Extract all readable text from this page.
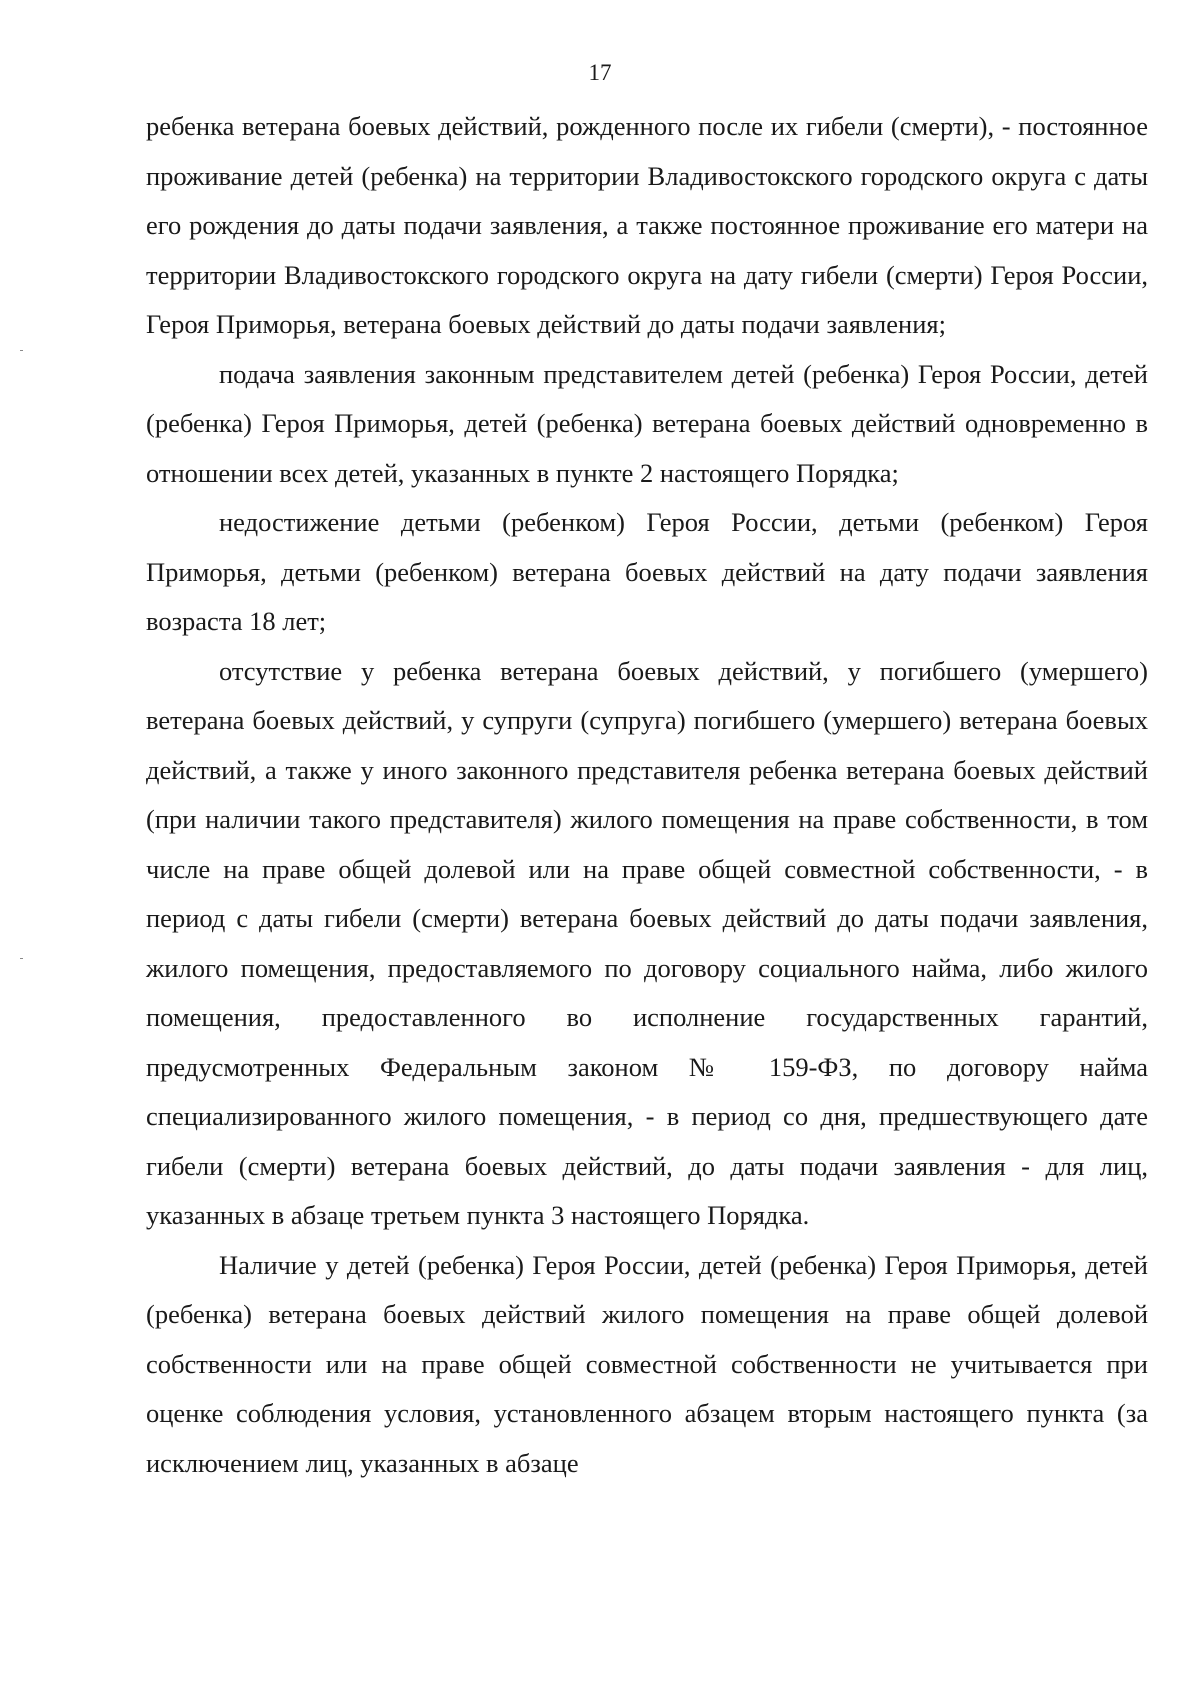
17

ребенка ветерана боевых действий, рожденного после их гибели (смерти), - постоянное проживание детей (ребенка) на территории Владивостокского городского округа с даты его рождения до даты подачи заявления, а также постоянное проживание его матери на территории Владивостокского городского округа на дату гибели (смерти) Героя России, Героя Приморья, ветерана боевых действий до даты подачи заявления;

подача заявления законным представителем детей (ребенка) Героя России, детей (ребенка) Героя Приморья, детей (ребенка) ветерана боевых действий одновременно в отношении всех детей, указанных в пункте 2 настоящего Порядка;

недостижение детьми (ребенком) Героя России, детьми (ребенком) Героя Приморья, детьми (ребенком) ветерана боевых действий на дату подачи заявления возраста 18 лет;

отсутствие у ребенка ветерана боевых действий, у погибшего (умершего) ветерана боевых действий, у супруги (супруга) погибшего (умершего) ветерана боевых действий, а также у иного законного представителя ребенка ветерана боевых действий (при наличии такого представителя) жилого помещения на праве собственности, в том числе на праве общей долевой или на праве общей совместной собственности, - в период с даты гибели (смерти) ветерана боевых действий до даты подачи заявления, жилого помещения, предоставляемого по договору социального найма, либо жилого помещения, предоставленного во исполнение государственных гарантий, предусмотренных Федеральным законом № 159-ФЗ, по договору найма специализированного жилого помещения, - в период со дня, предшествующего дате гибели (смерти) ветерана боевых действий, до даты подачи заявления - для лиц, указанных в абзаце третьем пункта 3 настоящего Порядка.

Наличие у детей (ребенка) Героя России, детей (ребенка) Героя Приморья, детей (ребенка) ветерана боевых действий жилого помещения на праве общей долевой собственности или на праве общей совместной собственности не учитывается при оценке соблюдения условия, установленного абзацем вторым настоящего пункта (за исключением лиц, указанных в абзаце
